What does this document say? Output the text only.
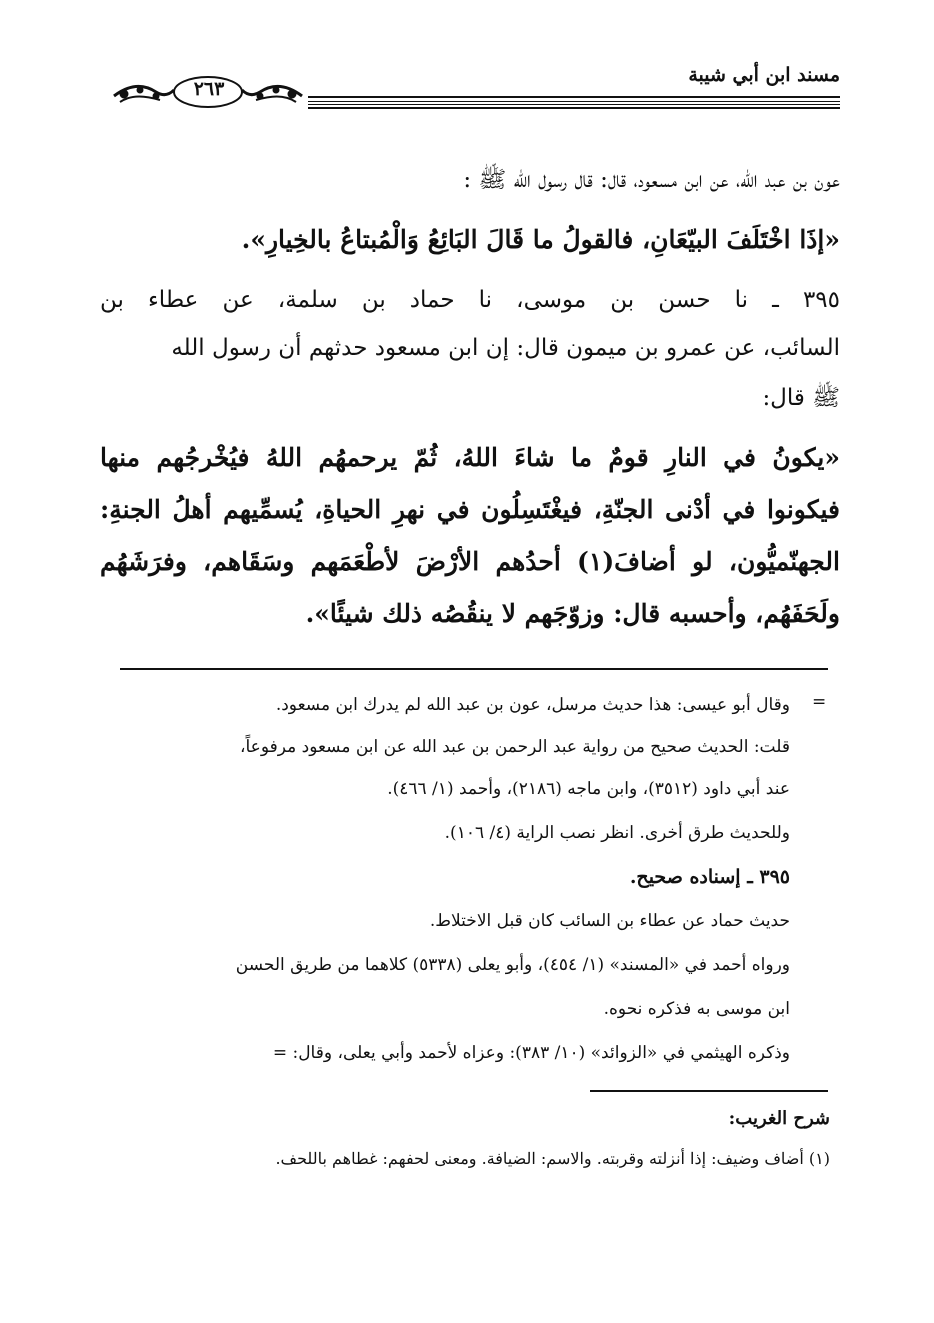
مسند ابن أبي شيبة
٢٦٣
عون بن عبد الله، عن ابن مسعود، قال: قال رسول الله ﷺ :
«إذَا اخْتَلَفَ البيّعَانِ، فالقولُ ما قَالَ البَائِعُ وَالْمُبتاعُ بالخِيارِ».
٣٩٥ ـ نا حسن بن موسى، نا حماد بن سلمة، عن عطاء بن
السائب، عن عمرو بن ميمون قال: إن ابن مسعود حدثهم أن رسول الله
ﷺ قال:
«يكونُ في النارِ قومٌ ما شاءَ اللهُ، ثُمّ يرحمهُم اللهُ فيُخْرجُهم منها
فيكونوا في أدْنى الجنّةِ، فيغْتَسِلُون في نهرِ الحياةِ، يُسمِّيهم أهلُ الجنةِ:
الجهنّميُّون، لو أضافَ(١) أحدُهم الأرْضَ لأطْعَمَهم وسَقَاهم، وفرَشَهُم
ولَحَفَهُم، وأحسبه قال: وزوّجَهم لا ينقُصُه ذلك شيئًا».
=
وقال أبو عيسى: هذا حديث مرسل، عون بن عبد الله لم يدرك ابن مسعود.
قلت: الحديث صحيح من رواية عبد الرحمن بن عبد الله عن ابن مسعود مرفوعاً،
عند أبي داود (٣٥١٢)، وابن ماجه (٢١٨٦)، وأحمد (١/ ٤٦٦).
وللحديث طرق أخرى. انظر نصب الراية (٤/ ١٠٦).
٣٩٥ ـ إسناده صحيح.
حديث حماد عن عطاء بن السائب كان قبل الاختلاط.
ورواه أحمد في «المسند» (١/ ٤٥٤)، وأبو يعلى (٥٣٣٨) كلاهما من طريق الحسن
ابن موسى به فذكره نحوه.
وذكره الهيثمي في «الزوائد» (١٠/ ٣٨٣): وعزاه لأحمد وأبي يعلى، وقال: =
شرح الغريب:
(١) أضاف وضيف: إذا أنزلته وقربته. والاسم: الضيافة. ومعنى لحفهم: غطاهم باللحف.
